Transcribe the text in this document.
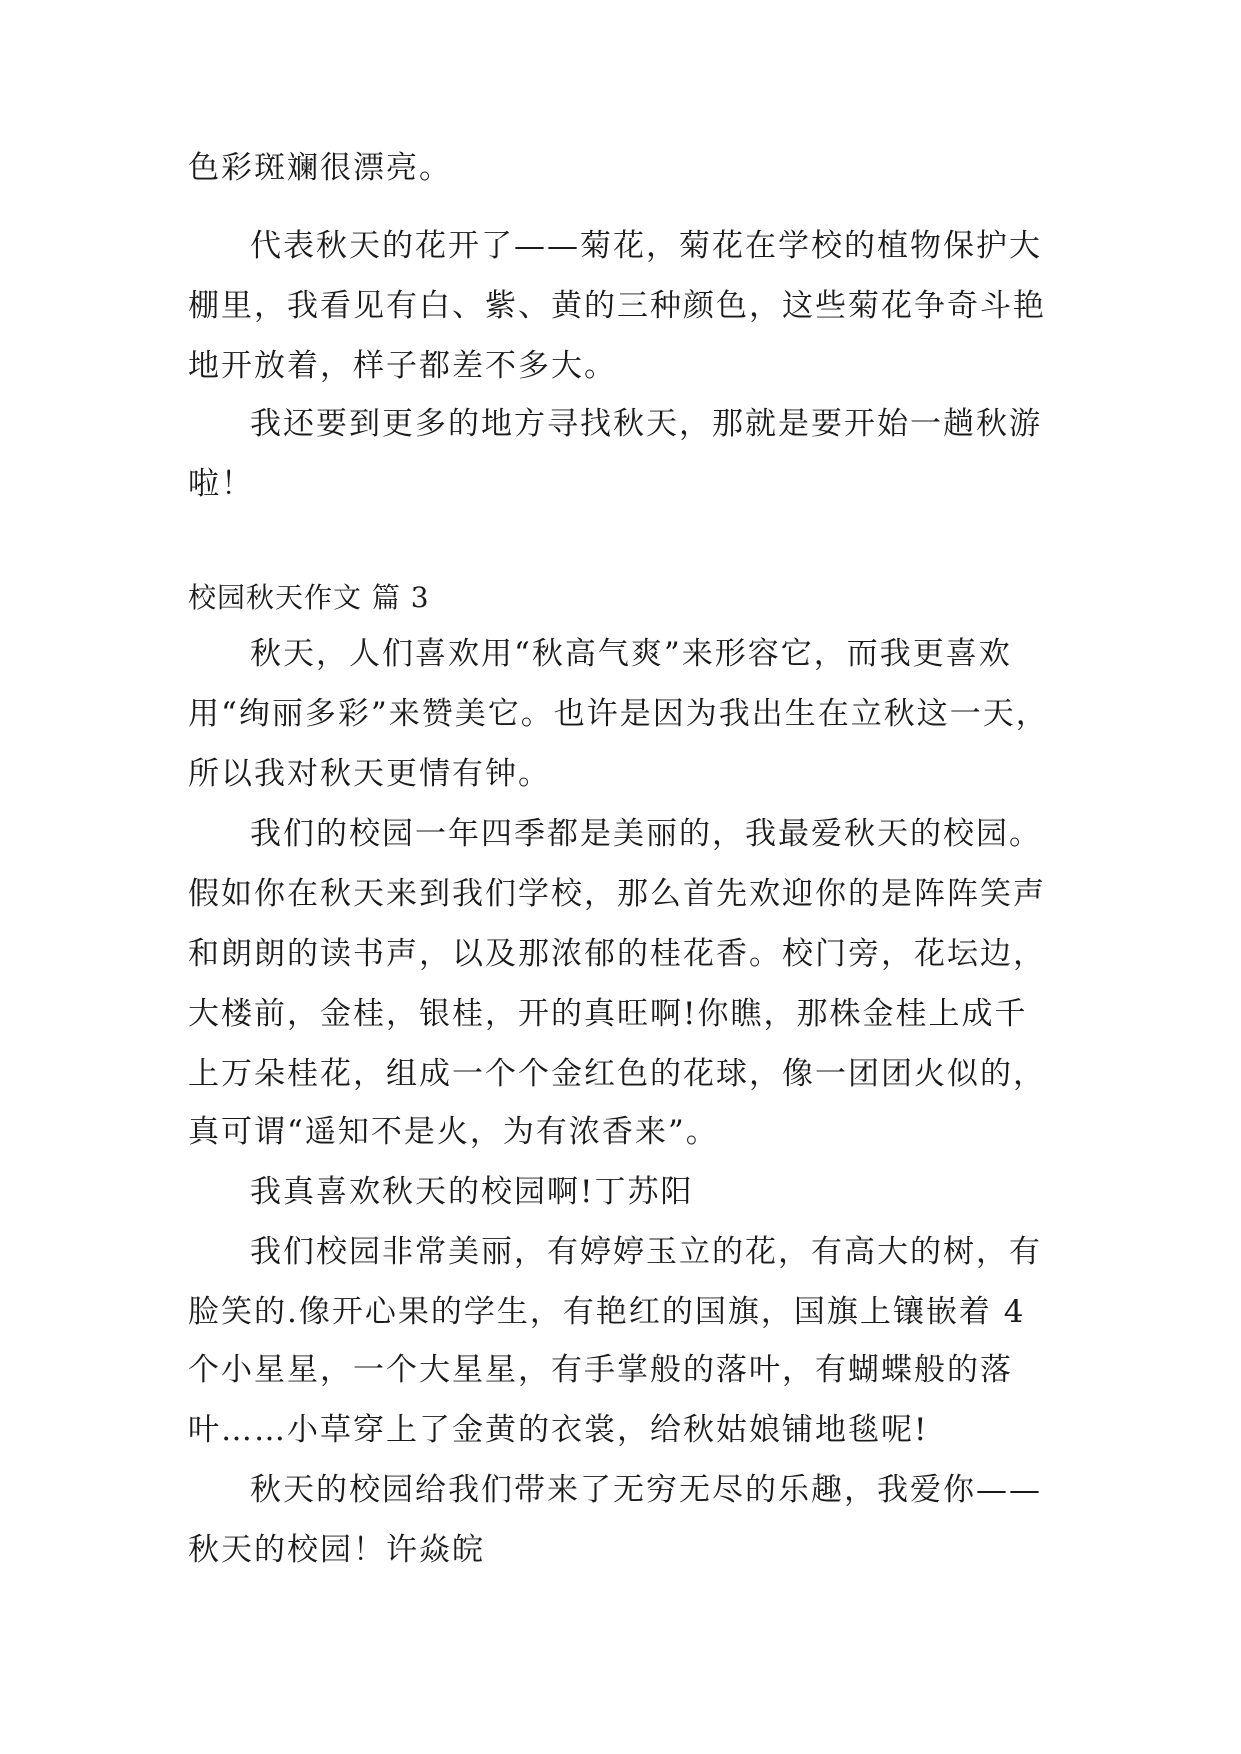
色彩斑斓很漂亮。
代表秋天的花开了——菊花，菊花在学校的植物保护大
棚里，我看见有白、紫、黄的三种颜色，这些菊花争奇斗艳
地开放着，样子都差不多大。
我还要到更多的地方寻找秋天，那就是要开始一趟秋游
啦！
校园秋天作文 篇 3
秋天，人们喜欢用“秋高气爽”来形容它，而我更喜欢
用“绚丽多彩”来赞美它。也许是因为我出生在立秋这一天，
所以我对秋天更情有钟。
我们的校园一年四季都是美丽的，我最爱秋天的校园。
假如你在秋天来到我们学校，那么首先欢迎你的是阵阵笑声
和朗朗的读书声，以及那浓郁的桂花香。校门旁，花坛边，
大楼前，金桂，银桂，开的真旺啊!你瞧，那株金桂上成千
上万朵桂花，组成一个个金红色的花球，像一团团火似的，
真可谓“遥知不是火，为有浓香来”。
我真喜欢秋天的校园啊!丁苏阳
我们校园非常美丽，有婷婷玉立的花，有高大的树，有
脸笑的.像开心果的学生，有艳红的国旗，国旗上镶嵌着 4
个小星星，一个大星星，有手掌般的落叶，有蝴蝶般的落
叶……小草穿上了金黄的衣裳，给秋姑娘铺地毯呢!
秋天的校园给我们带来了无穷无尽的乐趣，我爱你——
秋天的校园！许焱皖
